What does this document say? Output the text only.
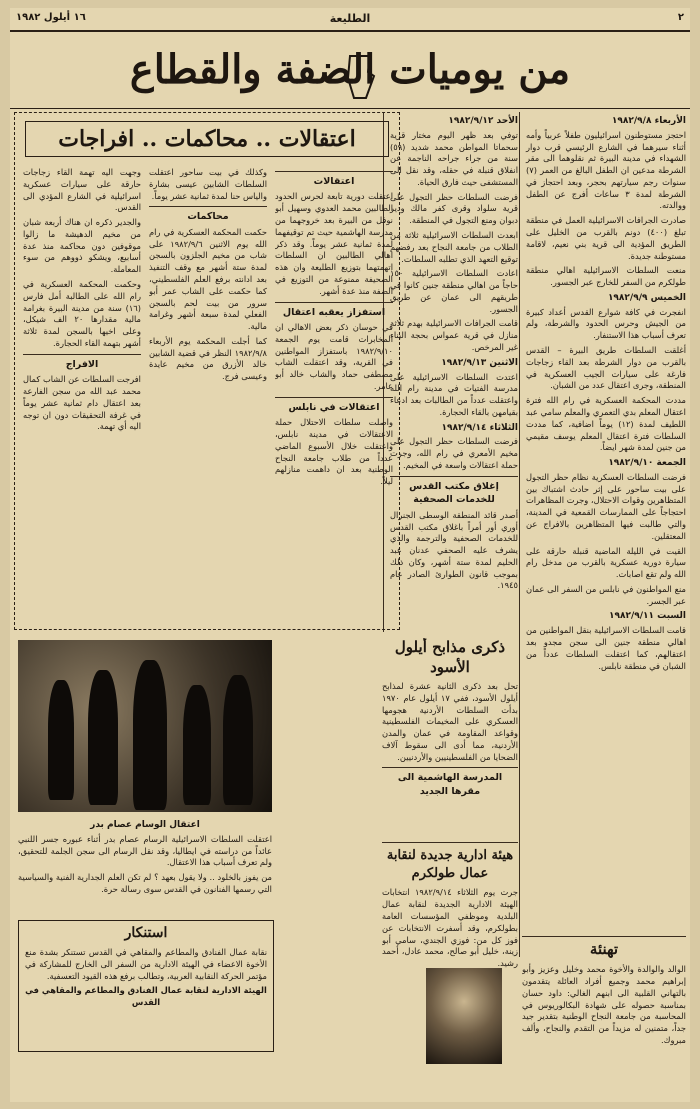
٢
الطليعة
١٦ أيلول ١٩٨٢
من يوميات الضفة والقطاع
الأربعاء ١٩٨٢/٩/٨

احتجز مستوطنون اسرائيليون طفلاً عربياً وأمه أثناء سيرهما في الشارع الرئيسي قرب دوار الشهداء في مدينة البيرة ثم نقلوهما الى مقر الشرطة مدعين ان الطفل البالغ من العمر (٧) سنوات رجم سيارتهم بحجر، وبعد احتجاز في الشرطة لمدة ٣ ساعات أفرج عن الطفل ووالدته.

صادرت الجرافات الاسرائيلية العمل في منطقة تبلغ (٤٠٠) دونم بالقرب من الخليل على الطريق المؤدية الى قرية بني نعيم، لاقامة مستوطنة جديدة.

منعت السلطات الاسرائيلية اهالي منطقة طولكرم من السفر للخارج عبر الجسور.

الخميس ١٩٨٢/٩/٩

انفجرت في كافة شوارع القدس أعداد كبيرة من الجيش وحرس الحدود والشرطة، ولم تعرف أسباب هذا الاستنفار.

أغلقت السلطات طريق البيرة – القدس بالقرب من دوار الشرطة بعد القاء زجاجات فارغة على سيارات الجيب العسكرية في المنطقة، وجرى اعتقال عدد من الشبان.

مددت المحكمة العسكرية في رام الله فترة اعتقال المعلم بدي التعمري والمعلم سامي عبد اللطيف لمدة (١٢) يوماً اضافية، كما مددت السلطات فترة اعتقال المعلم يوسف مقيمي من جنين لمدة شهر ايضاً.

الجمعة ١٩٨٢/٩/١٠

فرضت السلطات العسكرية نظام حظر التجول على بيت ساحور على إثر حادث اشتباك بين المتظاهرين وقوات الاحتلال، وجرت المظاهرات احتجاجاً على الممارسات القمعية في المدينة، والتي طالبت فيها المتظاهرين بالافراج عن المعتقلين.

القيت في الليلة الماضية قنبلة حارقة على سيارة دورية عسكرية بالقرب من مدخل رام الله ولم تقع اصابات.

منع المواطنون في نابلس من السفر الى عمان عبر الجسر.

السبت ١٩٨٢/٩/١١

قامت السلطات الاسرائيلية بنقل المواطنين من اهالي منطقة جنين الى سجن مجدو بعد اعتقالهم، كما اعتقلت السلطات عدداً من الشبان في منطقة نابلس.

الأحد ١٩٨٢/٩/١٢

توفي بعد ظهر اليوم مختار قرية سحماتا المواطن محمد شديد (٥٩) سنة من جراء جراحه الناجمة عن انفلاق قنبلة في حقله، وقد نقل الى المستشفى حيث فارق الحياة.

فرضت السلطات حظر التجول على قرية سلواد وقرى كفر مالك ودير دبوان ومنع التجول في المنطقة.

ابعدت السلطات الاسرائيلية ثلاثة من الطلاب من جامعة النجاح بعد رفضهم توقيع التعهد الذي تطلبه السلطات.

اعادت السلطات الاسرائيلية ١٥٠ حاجاً من اهالي منطقة جنين كانوا في طريقهم الى عمان عن طريق الجسور.

قامت الجرافات الاسرائيلية بهدم ثلاثة منازل في قرية عمواس بحجة البناء غير المرخص.

الاثنين ١٩٨٢/٩/١٣

اعتدت السلطات الاسرائيلية على مدرسة الفتيات في مدينة رام الله واعتقلت عدداً من الطالبات بعد ادعاء بقيامهن بالقاء الحجارة.

الثلاثاء ١٩٨٢/٩/١٤

فرضت السلطات حظر التجول على مخيم الأمعري في رام الله، وجرت حملة اعتقالات واسعة في المخيم.

إغلاق مكتب القدس للخدمات الصحفية

أصدر قائد المنطقة الوسطى الجنرال أوري أور أمراً باغلاق مكتب القدس للخدمات الصحفية والترجمة والذي يشرف عليه الصحفي عدنان عبد الحليم لمدة ستة أشهر، وكان ذلك بموجب قانون الطوارئ الصادر عام ١٩٤٥.

اعتقالات .. محاكمات .. افراجات
اعتقالات

اعتقلت دورية تابعة لحرس الحدود الطالبين محمد العدوي وسهيل أبو نوفل من البيرة بعد خروجهما من مدرسة الهاشمية حيث تم توقيفهما لمدة ثمانية عشر يوماً. وقد ذكر اهالي الطالبين ان السلطات اتهمتهما بتوزيع الطليعة وان هذه الصحيفة ممنوعة من التوزيع في الضفة منذ عدة أشهر.

استفزاز يعقبه اعتقال

في حوسان ذكر بعض الاهالي ان المخابرات قامت يوم الجمعة ١٩٨٢/٩/١٠ باستفزاز المواطنين في القرية، وقد اعتقلت الشاب مصطفى حماد والشاب خالد أبو عامر.

اعتقالات في نابلس

واصلت سلطات الاحتلال حملة الاعتقالات في مدينة نابلس، واعتقلت خلال الأسبوع الماضي عدداً من طلاب جامعة النجاح الوطنية بعد ان داهمت منازلهم ليلاً.

وكذلك في بيت ساحور اعتقلت السلطات الشابين عيسى بشارة والياس حنا لمدة ثمانية عشر يوماً.

محاكمات

حكمت المحكمة العسكرية في رام الله يوم الاثنين ١٩٨٢/٩/٦ على شاب من مخيم الجلزون بالسجن لمدة ستة أشهر مع وقف التنفيذ بعد ادانته برفع العلم الفلسطيني، كما حكمت على الشاب عمر أبو سرور من بيت لحم بالسجن الفعلي لمدة سبعة أشهر وغرامة مالية.

كما أجلت المحكمة يوم الأربعاء ١٩٨٢/٩/٨ النظر في قضية الشابين خالد الأزرق من مخيم عايدة وعيسى فرج.

وجهت اليه تهمة القاء زجاجات حارقة على سيارات عسكرية اسرائيلية في الشارع المؤدي الى القدس.

والجدير ذكره ان هناك أربعة شبان من مخيم الدهيشة ما زالوا موقوفين دون محاكمة منذ عدة أسابيع، ويشكو ذووهم من سوء المعاملة.

وحكمت المحكمة العسكرية في رام الله على الطالبة أمل فارس (١٦) سنة من مدينة البيرة بغرامة مالية مقدارها ٢٠ الف شيكل، وعلى اخيها بالسجن لمدة ثلاثة أشهر بتهمة القاء الحجارة.

الافراج

افرجت السلطات عن الشاب كمال محمد عبد الله من سجن الفارعة بعد اعتقال دام ثمانية عشر يوماً في غرفة التحقيقات دون ان توجه اليه أي تهمة.

ذكرى مذابح أيلول الأسود

تحل بعد ذكرى الثانية عشرة لمذابح أيلول الأسود، ففي ١٧ أيلول عام ١٩٧٠ بدأت السلطات الأردنية هجومها العسكري على المخيمات الفلسطينية وقواعد المقاومة في عمان والمدن الأردنية، مما أدى الى سقوط آلاف الضحايا من الفلسطينيين والأردنيين.

المدرسة الهاشمية الى مقرها الجديد
اعتقال الوسام عصام بدر

اعتقلت السلطات الاسرائيلية الرسام عصام بدر أثناء عبوره جسر اللنبي عائداً من دراسته في ايطاليا، وقد نقل الرسام الى سجن الجلمة للتحقيق، ولم تعرف أسباب هذا الاعتقال.

من يفوز بالخلود .. ولا يقول بعهد ؟ لم تكن العلم الجدارية الفنية والسياسية التي رسمها الفنانون في القدس سوى رسالة حرة.

هيئة ادارية جديدة لنقابة عمال طولكرم

جرت يوم الثلاثاء ١٩٨٢/٩/١٤ انتخابات الهيئة الادارية الجديدة لنقابة عمال البلدية وموظفي المؤسسات العامة بطولكرم، وقد أسفرت الانتخابات عن فوز كل من: فوزي الجندي، سامي أبو زينة، خليل أبو صالح، محمد عادل، أحمد رشيد.

استنكار

نقابة عمال الفنادق والمطاعم والمقاهي في القدس تستنكر بشدة منع الأخوة الاعضاء في الهيئة الادارية من السفر الى الخارج للمشاركة في مؤتمر الحركة النقابية العربية، وتطالب برفع هذه القيود التعسفية.

الهيئة الادارية لنقابة عمال الفنادق والمطاعم والمقاهي في القدس

تهنئة

الوالد والوالدة والأخوة محمد وخليل وعزيز وأبو إبراهيم محمد وجميع أفراد العائلة يتقدمون بالتهاني القلبية الى ابنهم الغالي: داود حسان بمناسبة حصوله على شهادة البكالوريوس في المحاسبة من جامعة النجاح الوطنية بتقدير جيد جداً، متمنين له مزيداً من التقدم والنجاح، وألف مبروك.
